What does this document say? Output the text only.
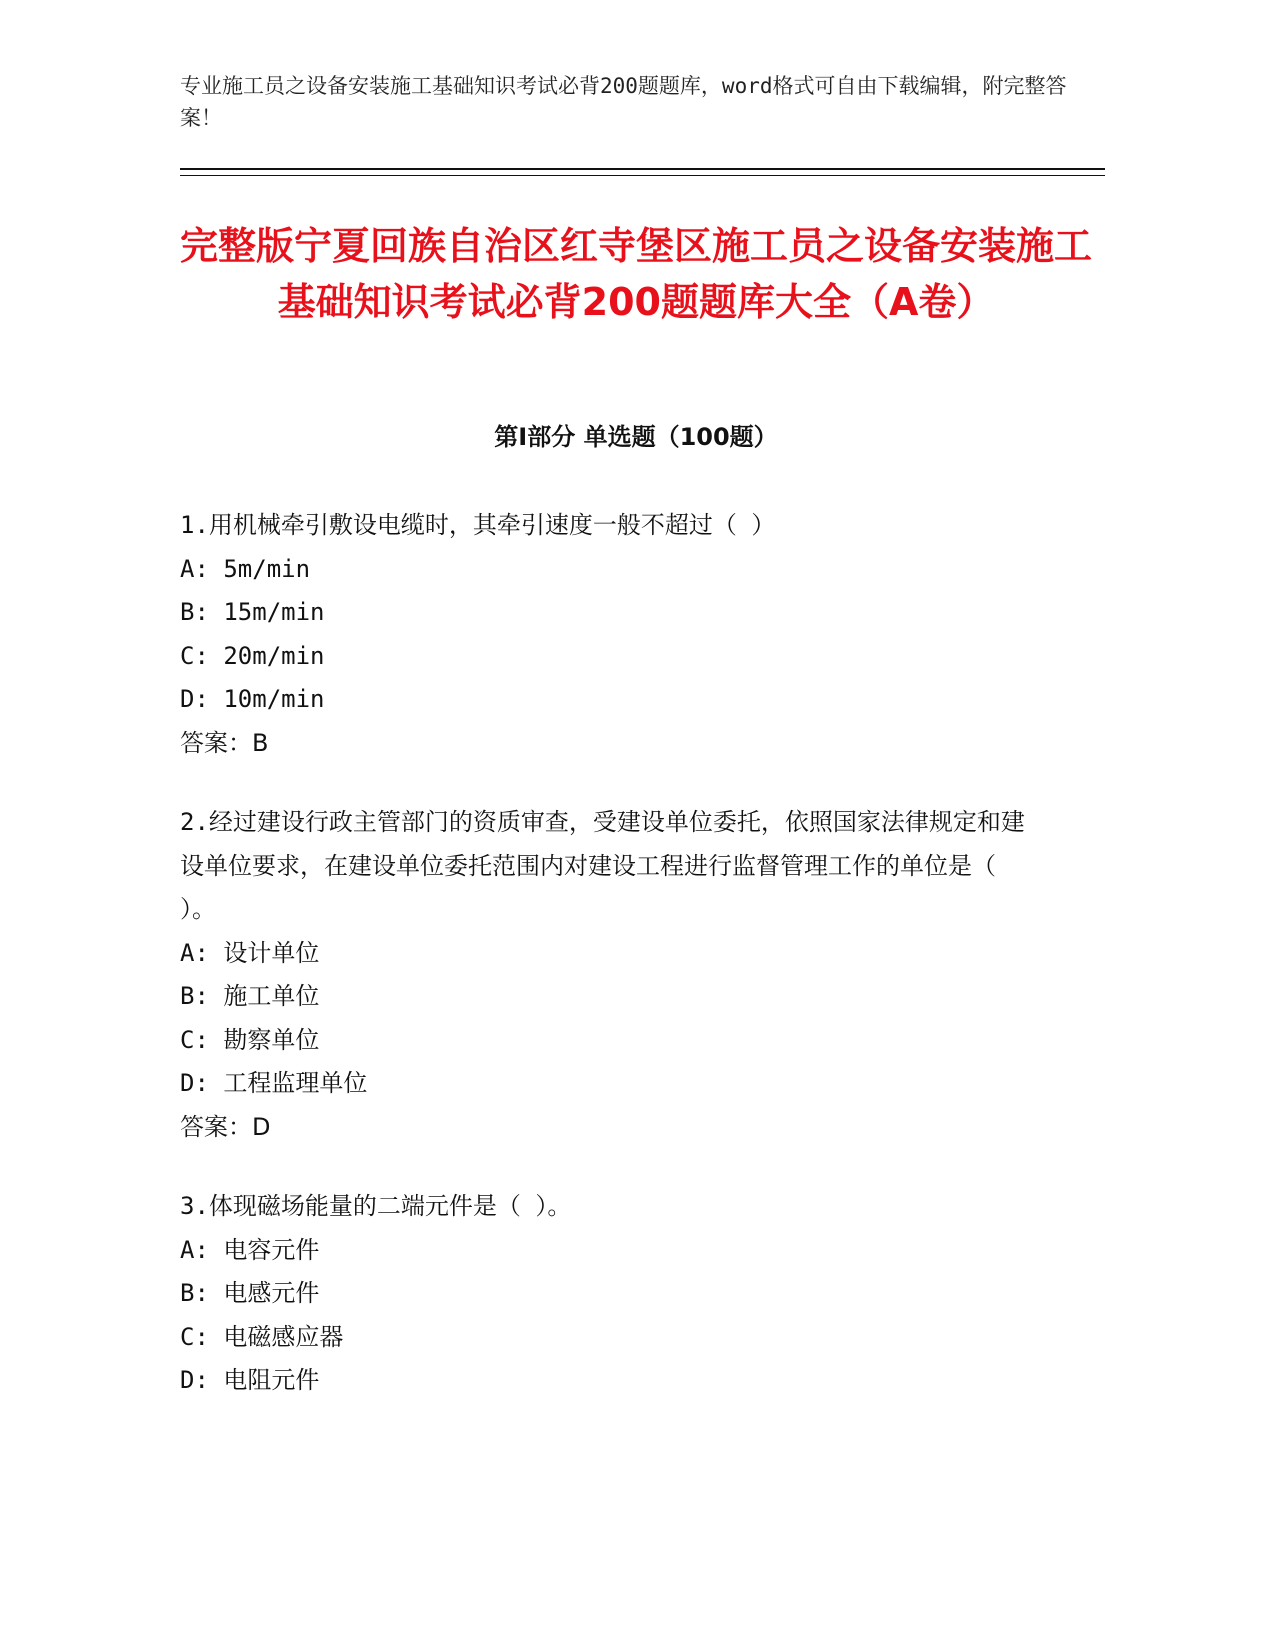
专业施工员之设备安装施工基础知识考试必背200题题库，word格式可自由下载编辑，附完整答案！
完整版宁夏回族自治区红寺堡区施工员之设备安装施工基础知识考试必背200题题库大全（A卷）
第Ⅰ部分 单选题（100题）
1.用机械牵引敷设电缆时，其牵引速度一般不超过（ ）
A: 5m/min
B: 15m/min
C: 20m/min
D: 10m/min
答案：B
2.经过建设行政主管部门的资质审查，受建设单位委托，依照国家法律规定和建设单位要求，在建设单位委托范围内对建设工程进行监督管理工作的单位是（ ）。
A: 设计单位
B: 施工单位
C: 勘察单位
D: 工程监理单位
答案：D
3.体现磁场能量的二端元件是（ ）。
A: 电容元件
B: 电感元件
C: 电磁感应器
D: 电阻元件
